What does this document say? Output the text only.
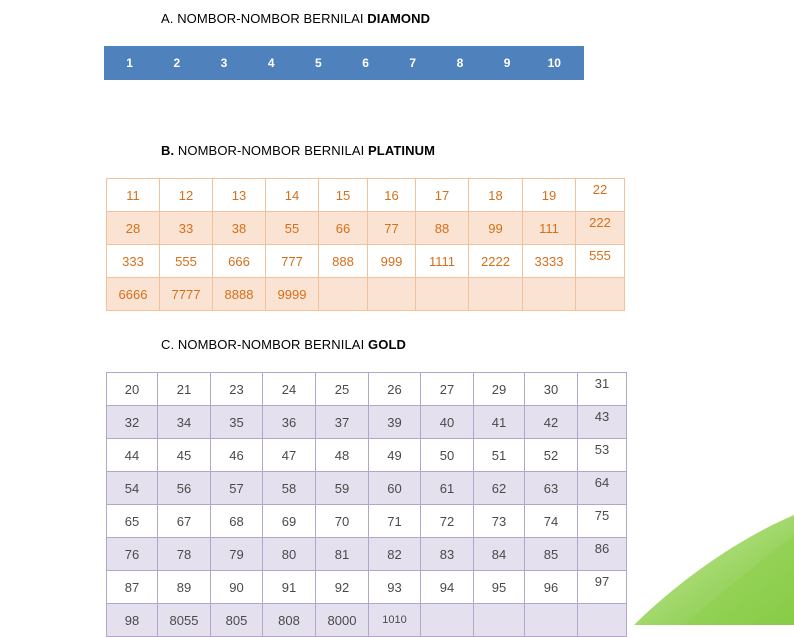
A. NOMBOR-NOMBOR BERNILAI DIAMOND
1	2	3	4	5	6	7	8	9	10
B. NOMBOR-NOMBOR BERNILAI PLATINUM
11	12	13	14	15	16	17	18	19	22
28	33	38	55	66	77	88	99	111	222
333	555	666	777	888	999	1111	2222	3333	555
6666	7777	8888	9999						
C. NOMBOR-NOMBOR BERNILAI GOLD
20	21	23	24	25	26	27	29	30	31
32	34	35	36	37	39	40	41	42	43
44	45	46	47	48	49	50	51	52	53
54	56	57	58	59	60	61	62	63	64
65	67	68	69	70	71	72	73	74	75
76	78	79	80	81	82	83	84	85	86
87	89	90	91	92	93	94	95	96	97
98	8055	805	808	8000	1010				
